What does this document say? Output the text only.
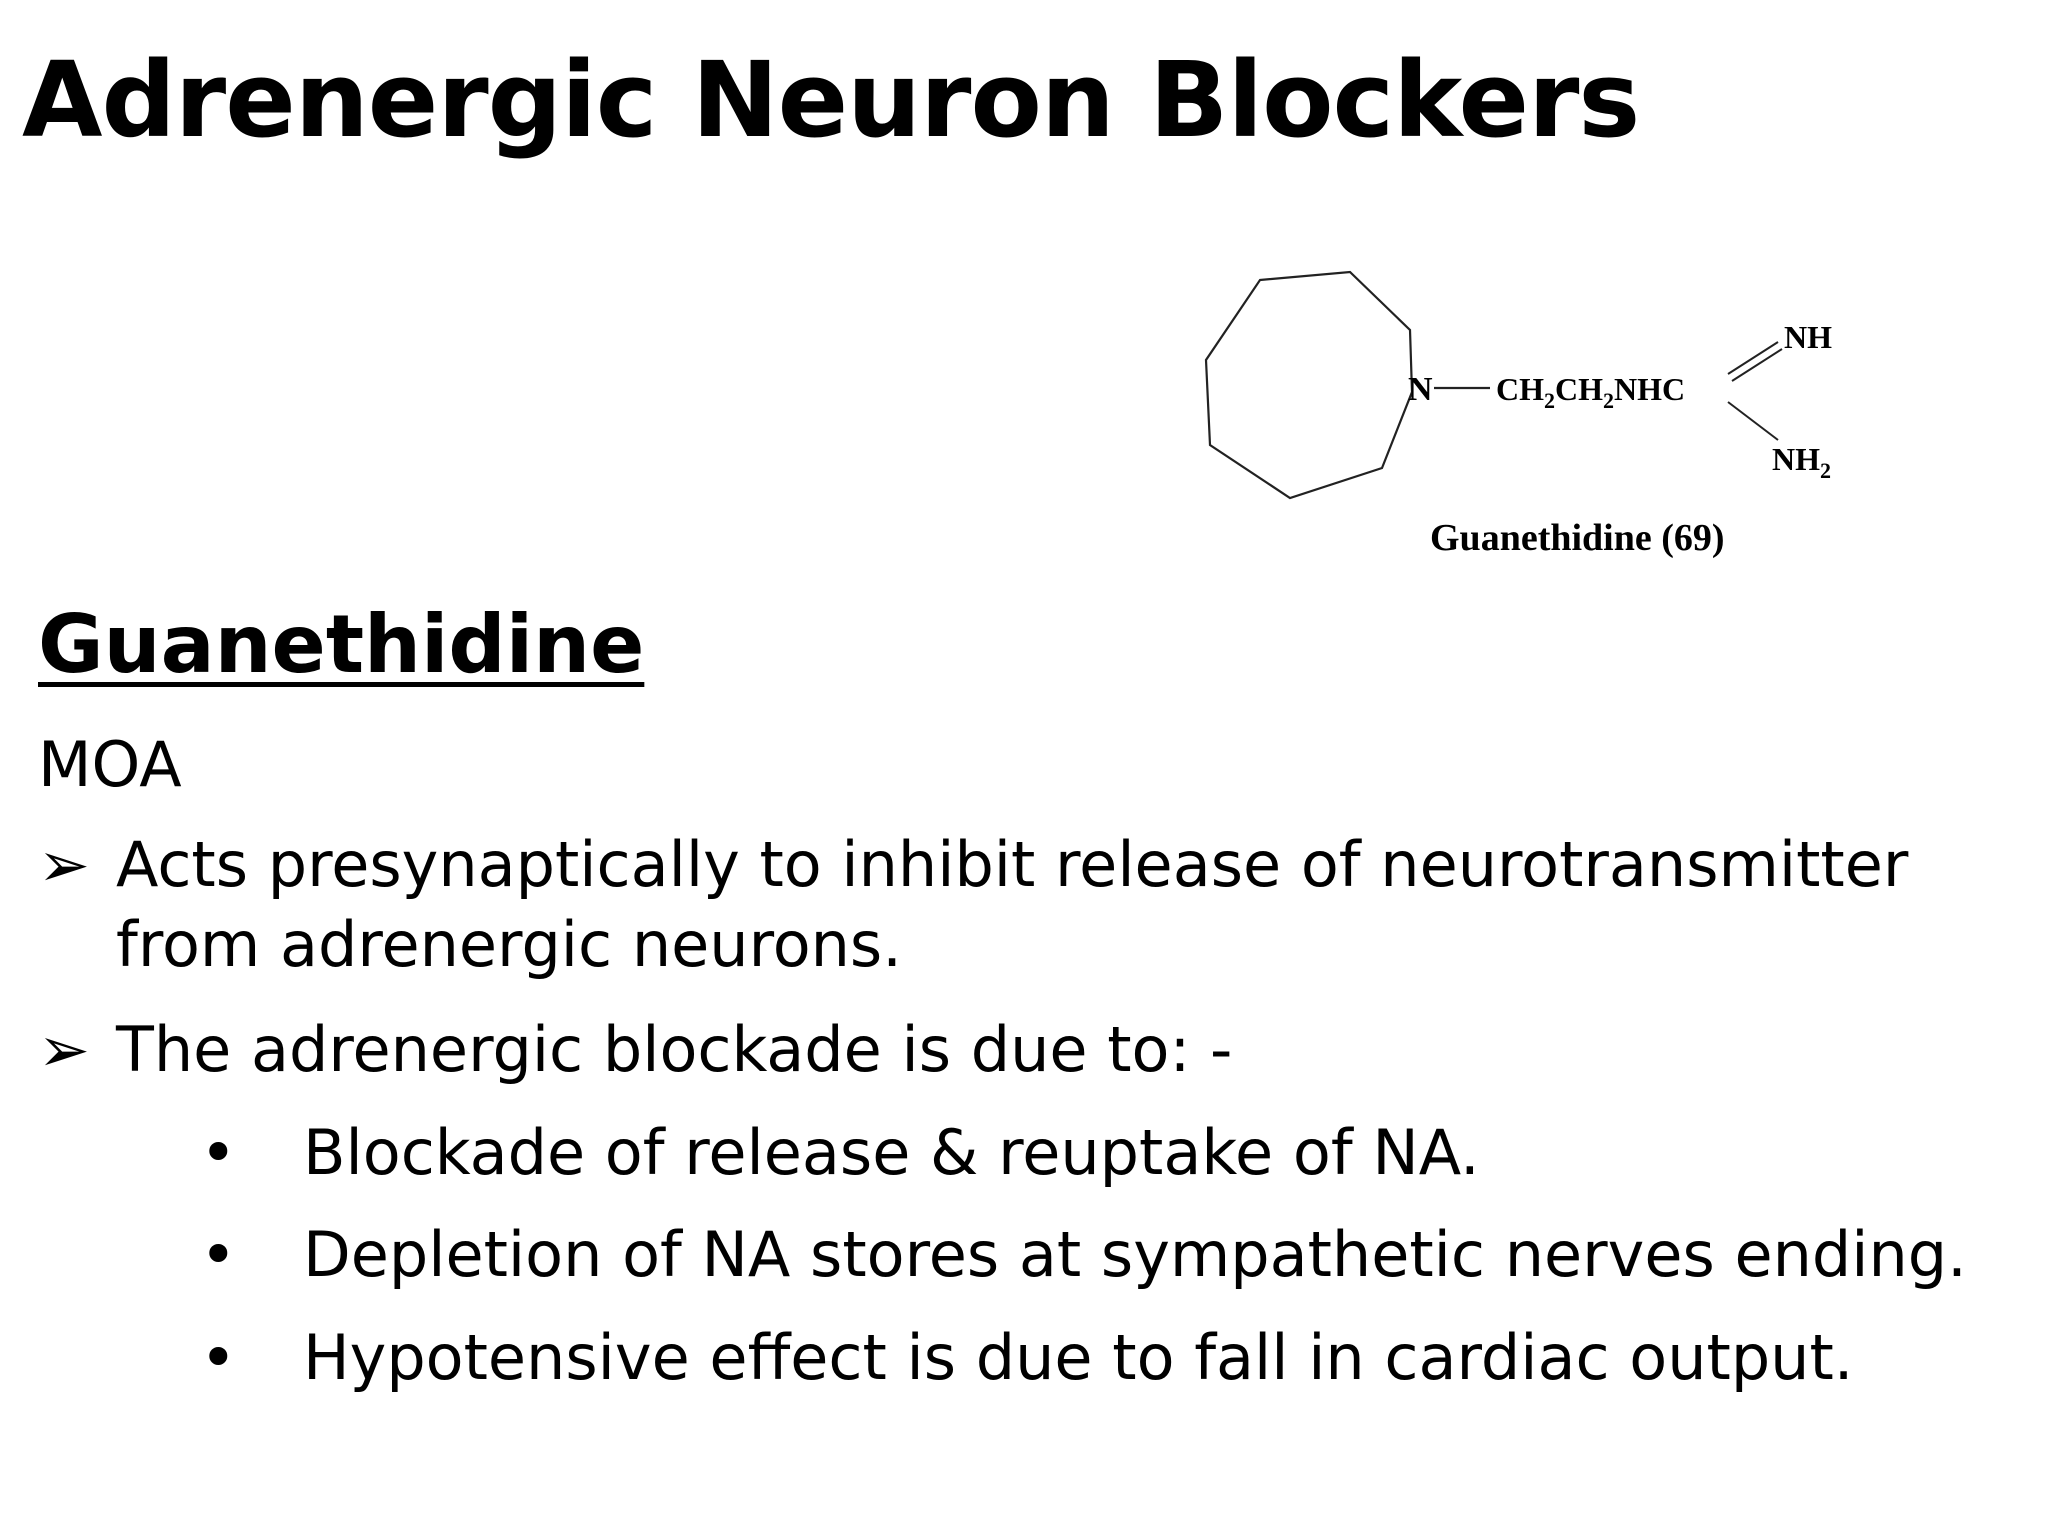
Adrenergic Neuron Blockers
N $CH_2CH_2NHC$
NH
$NH_2$
Guanethidine (69)
Guanethidine
MOA
➢ Acts presynaptically to inhibit release of neurotransmitter
from adrenergic neurons.
➢ The adrenergic blockade is due to: -
• Blockade of release & reuptake of NA.
• Depletion of NA stores at sympathetic nerves ending.
• Hypotensive effect is due to fall in cardiac output.
